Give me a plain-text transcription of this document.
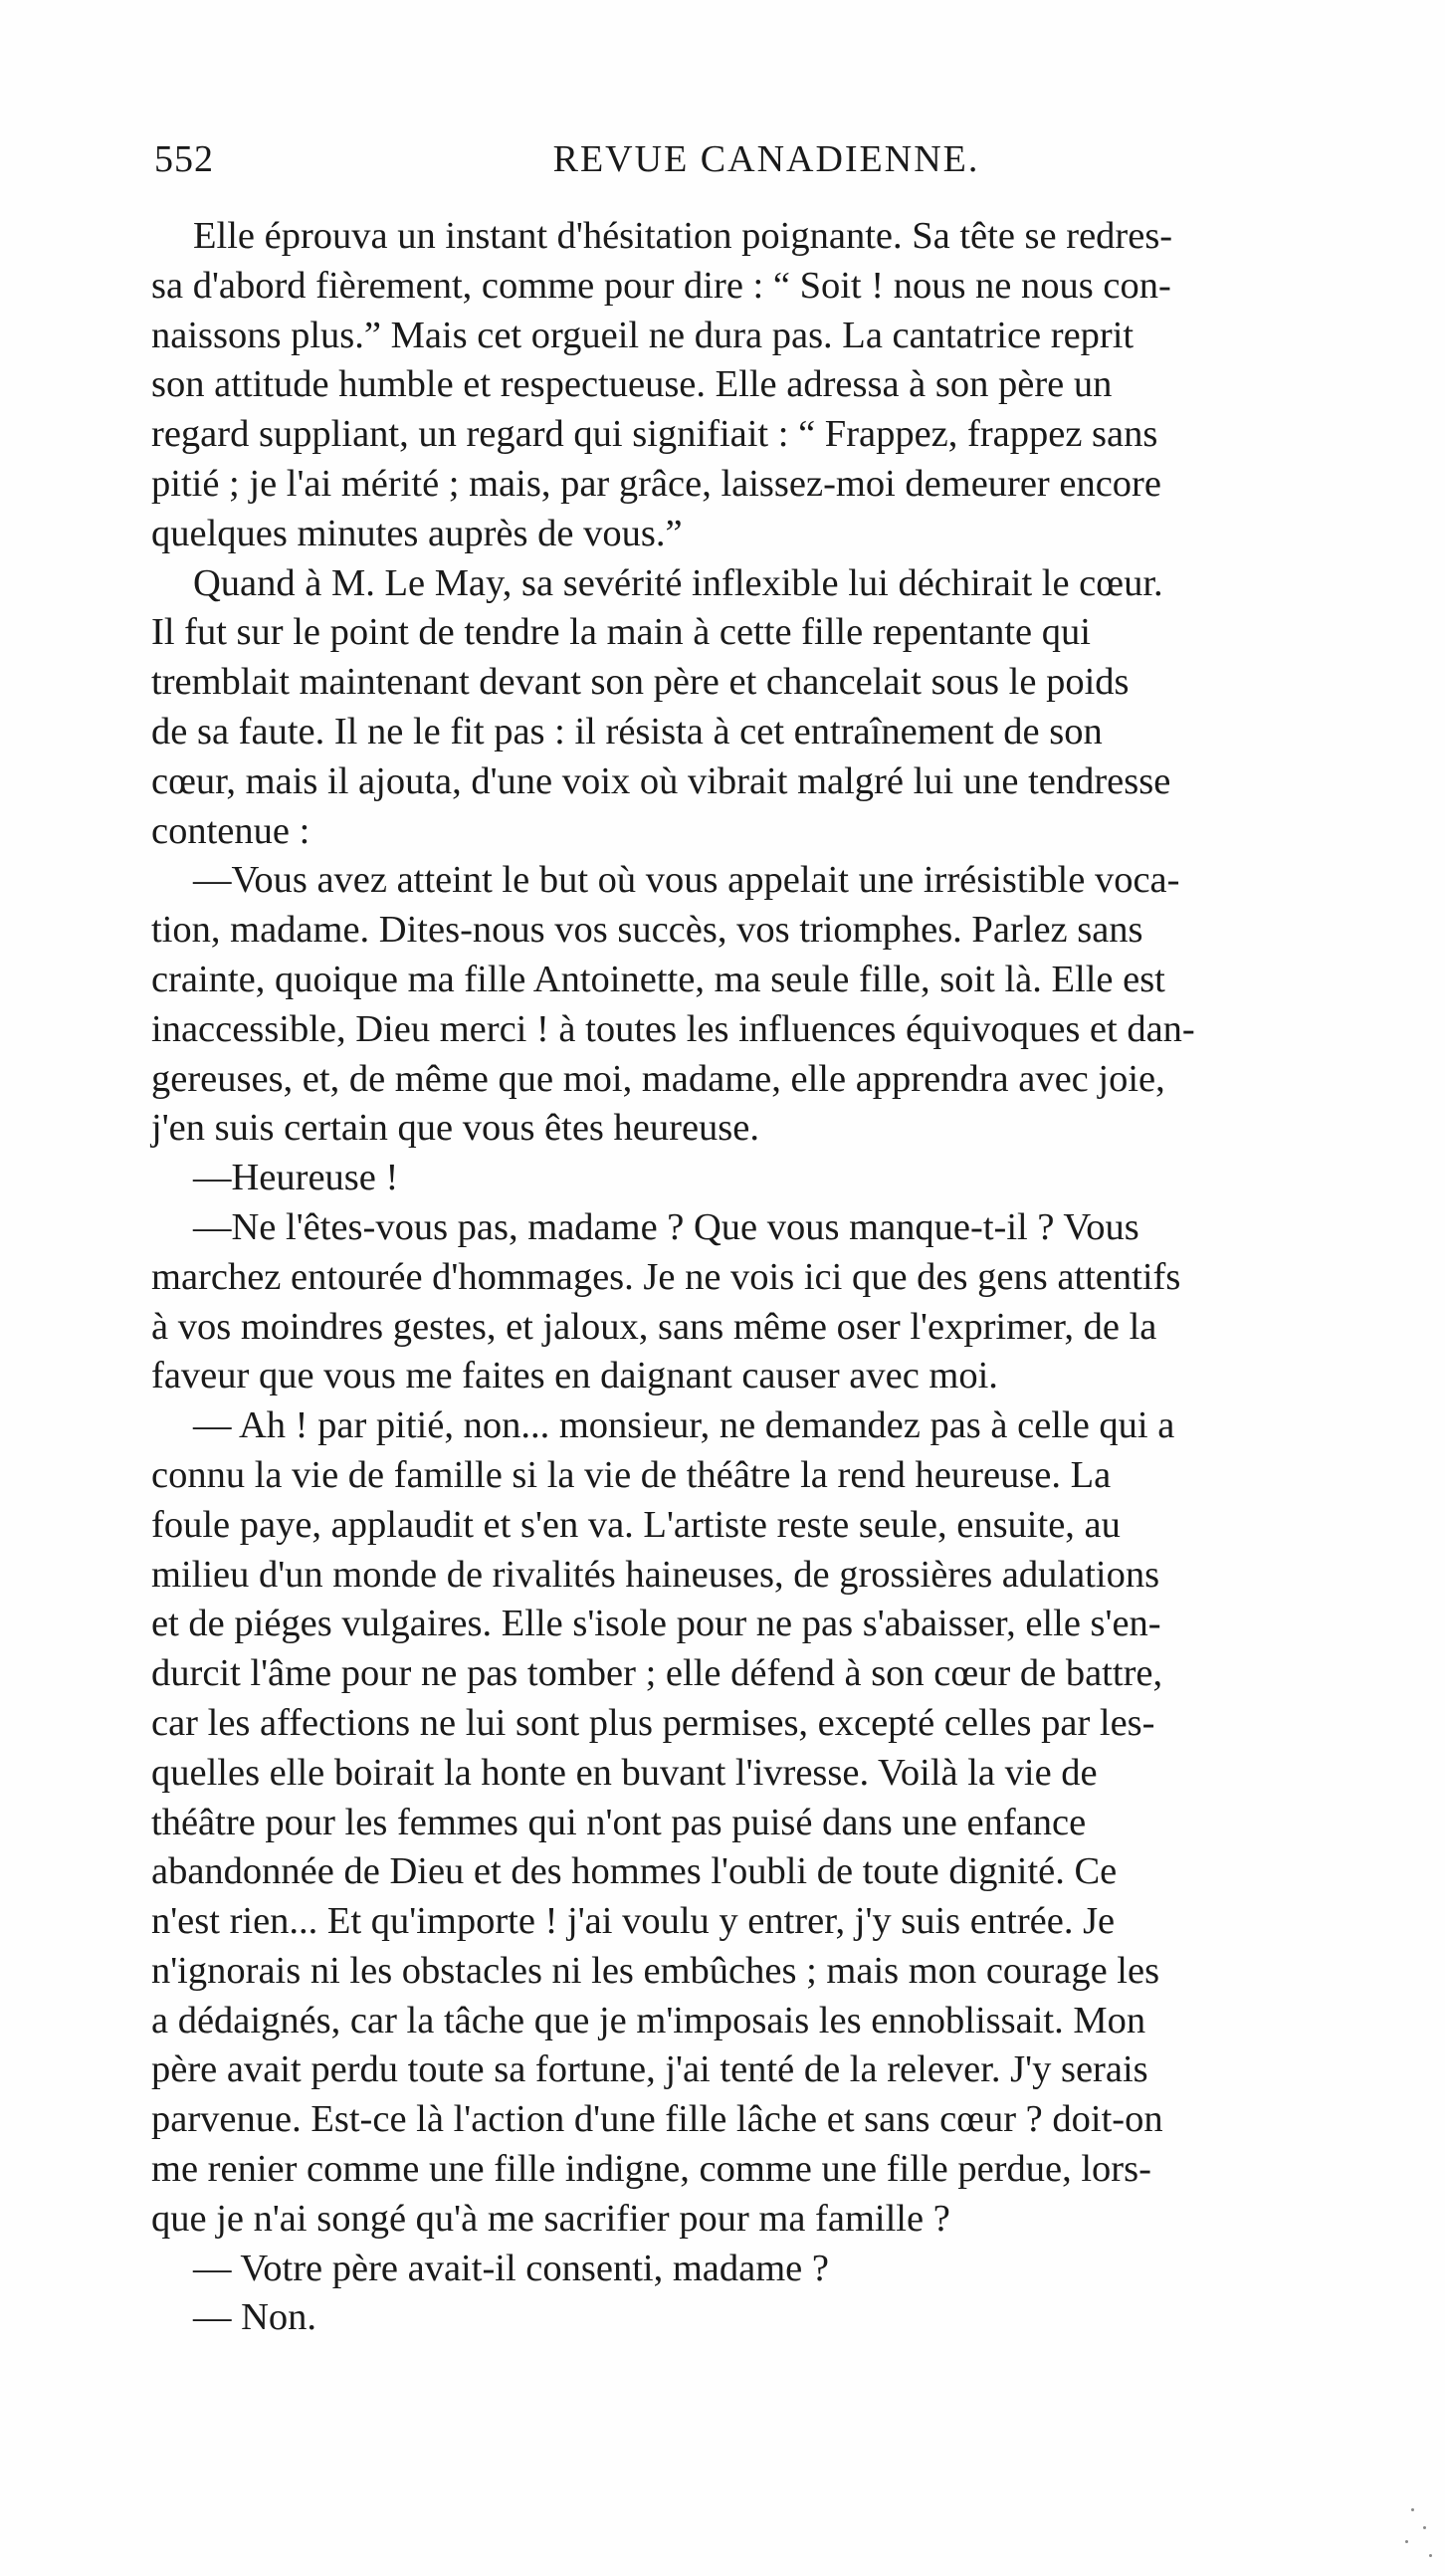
552	REVUE CANADIENNE.

Elle éprouva un instant d'hésitation poignante. Sa tête se redres-
sa d'abord fièrement, comme pour dire : “ Soit ! nous ne nous con-
naissons plus.” Mais cet orgueil ne dura pas. La cantatrice reprit
son attitude humble et respectueuse. Elle adressa à son père un
regard suppliant, un regard qui signifiait : “ Frappez, frappez sans
pitié ; je l'ai mérité ; mais, par grâce, laissez-moi demeurer encore
quelques minutes auprès de vous.”

Quand à M. Le May, sa sevérité inflexible lui déchirait le cœur.
Il fut sur le point de tendre la main à cette fille repentante qui
tremblait maintenant devant son père et chancelait sous le poids
de sa faute. Il ne le fit pas : il résista à cet entraînement de son
cœur, mais il ajouta, d'une voix où vibrait malgré lui une tendresse
contenue :

—Vous avez atteint le but où vous appelait une irrésistible voca-
tion, madame. Dites-nous vos succès, vos triomphes. Parlez sans
crainte, quoique ma fille Antoinette, ma seule fille, soit là. Elle est
inaccessible, Dieu merci ! à toutes les influences équivoques et dan-
gereuses, et, de même que moi, madame, elle apprendra avec joie,
j'en suis certain que vous êtes heureuse.

—Heureuse !

—Ne l'êtes-vous pas, madame ? Que vous manque-t-il ? Vous
marchez entourée d'hommages. Je ne vois ici que des gens attentifs
à vos moindres gestes, et jaloux, sans même oser l'exprimer, de la
faveur que vous me faites en daignant causer avec moi.

— Ah ! par pitié, non... monsieur, ne demandez pas à celle qui a
connu la vie de famille si la vie de théâtre la rend heureuse. La
foule paye, applaudit et s'en va. L'artiste reste seule, ensuite, au
milieu d'un monde de rivalités haineuses, de grossières adulations
et de piéges vulgaires. Elle s'isole pour ne pas s'abaisser, elle s'en-
durcit l'âme pour ne pas tomber ; elle défend à son cœur de battre,
car les affections ne lui sont plus permises, excepté celles par les-
quelles elle boirait la honte en buvant l'ivresse. Voilà la vie de
théâtre pour les femmes qui n'ont pas puisé dans une enfance
abandonnée de Dieu et des hommes l'oubli de toute dignité. Ce
n'est rien... Et qu'importe ! j'ai voulu y entrer, j'y suis entrée. Je
n'ignorais ni les obstacles ni les embûches ; mais mon courage les
a dédaignés, car la tâche que je m'imposais les ennoblissait. Mon
père avait perdu toute sa fortune, j'ai tenté de la relever. J'y serais
parvenue. Est-ce là l'action d'une fille lâche et sans cœur ? doit-on
me renier comme une fille indigne, comme une fille perdue, lors-
que je n'ai songé qu'à me sacrifier pour ma famille ?

— Votre père avait-il consenti, madame ?

— Non.
